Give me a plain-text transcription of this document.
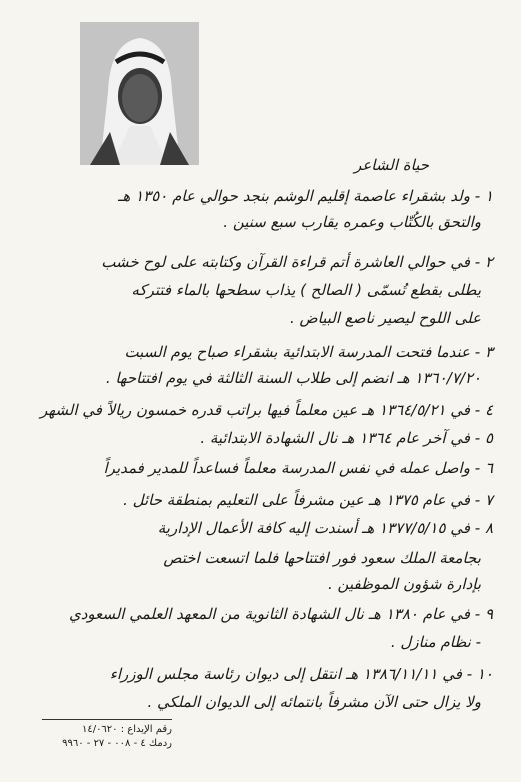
حياة الشاعر
١ - ولد بشقراء عاصمة إقليم الوشم بنجد حوالي عام ١٣٥٠ هـ
والتحق بالكُتّاب وعمره يقارب سبع سنين .
٢ - في حوالي العاشرة أتم قراءة القرآن وكتابته على لوح خشب
يطلى بقطع تُسمّى ( الصالح ) يذاب سطحها بالماء فتتركه
على اللوح ليصير ناصع البياض .
٣ - عندما فتحت المدرسة الابتدائية بشقراء صباح يوم السبت
١٣٦٠/٧/٢٠ هـ انضم إلى طلاب السنة الثالثة في يوم افتتاحها .
٤ - في ١٣٦٤/٥/٢١ هـ عين معلماً فيها براتب قدره خمسون ريالاً في الشهر
٥ - في آخر عام ١٣٦٤ هـ نال الشهادة الابتدائية .
٦ - واصل عمله في نفس المدرسة معلماً فساعداً للمدير فمديراً
٧ - في عام ١٣٧٥ هـ عين مشرفاً على التعليم بمنطقة حائل .
٨ - في ١٣٧٧/٥/١٥ هـ أسندت إليه كافة الأعمال الإدارية
بجامعة الملك سعود فور افتتاحها فلما اتسعت اختص
بإدارة شؤون الموظفين .
٩ - في عام ١٣٨٠ هـ نال الشهادة الثانوية من المعهد العلمي السعودي
- نظام منازل .
١٠ - في ١٣٨٦/١١/١١ هـ انتقل إلى ديوان رئاسة مجلس الوزراء
ولا يزال حتى الآن مشرفاً بانتمائه إلى الديوان الملكي .
رقم الإيداع : ١٤/٠٦٢٠
ردمك ٤ - ٠٠٨ - ٢٧ - ٩٩٦٠
